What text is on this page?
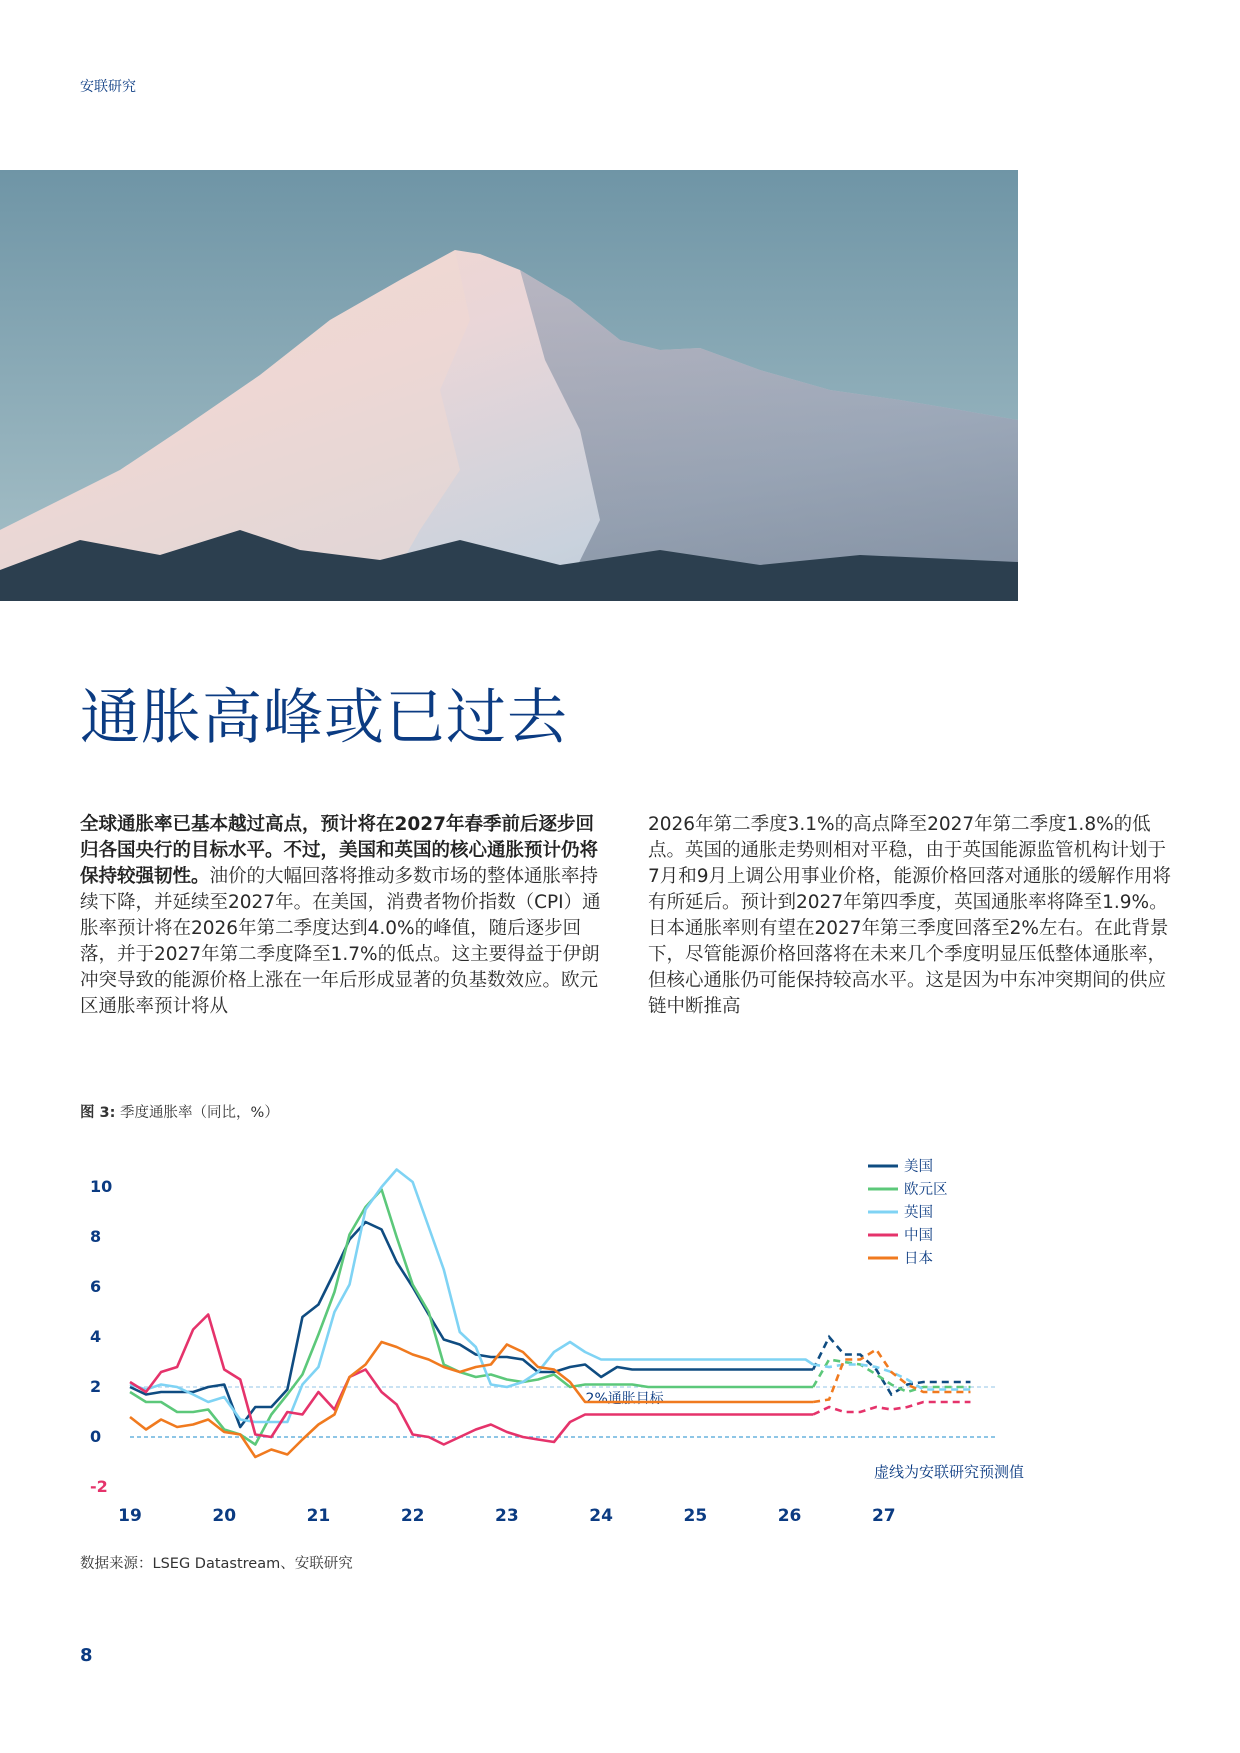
安联研究
通胀高峰或已过去
全球通胀率已基本越过高点，预计将在2027年春季前后逐步回归各国央行的目标水平。不过，美国和英国的核心通胀预计仍将保持较强韧性。油价的大幅回落将推动多数市场的整体通胀率持续下降，并延续至2027年。在美国，消费者物价指数（CPI）通胀率预计将在2026年第二季度达到4.0%的峰值，随后逐步回落，并于2027年第二季度降至1.7%的低点。这主要得益于伊朗冲突导致的能源价格上涨在一年后形成显著的负基数效应。欧元区通胀率预计将从
2026年第二季度3.1%的高点降至2027年第二季度1.8%的低点。英国的通胀走势则相对平稳，由于英国能源监管机构计划于7月和9月上调公用事业价格，能源价格回落对通胀的缓解作用将有所延后。预计到2027年第四季度，英国通胀率将降至1.9%。日本通胀率则有望在2027年第三季度回落至2%左右。在此背景下，尽管能源价格回落将在未来几个季度明显压低整体通胀率，但核心通胀仍可能保持较高水平。这是因为中东冲突期间的供应链中断推高
图 3: 季度通胀率（同比，%）
2%通胀目标
-2
0
2
4
6
8
10
19	20	21	22	23	24	25	26	27
美国
欧元区
英国
中国
日本
虚线为安联研究预测值
数据来源：LSEG Datastream、安联研究
8
